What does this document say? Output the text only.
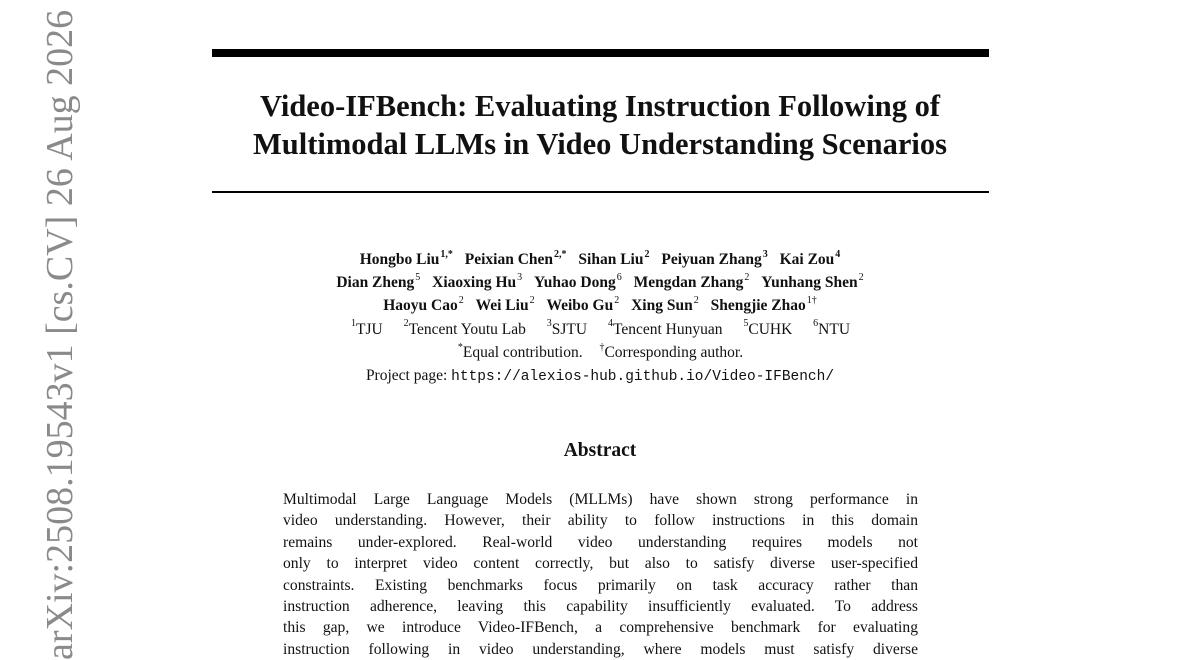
Video-IFBench: Evaluating Instruction Following of
Multimodal LLMs in Video Understanding Scenarios
Hongbo Liu$^{1,*}$ Peixian Chen$^{2,*}$ Sihan Liu$^2$ Peiyuan Zhang$^3$ Kai Zou$^4$
Dian Zheng$^5$ Xiaoxing Hu$^3$ Yuhao Dong$^6$ Mengdan Zhang$^2$ Yunhang Shen$^2$
Haoyu Cao$^2$ Wei Liu$^2$ Weibo Gu$^2$ Xing Sun$^2$ Shengjie Zhao$^{1\dagger}$
$^1$TJU $^2$Tencent Youtu Lab $^3$SJTU $^4$Tencent Hunyuan $^5$CUHK $^6$NTU
*Equal contribution. †Corresponding author.
Project page: https://alexios-hub.github.io/Video-IFBench/
Abstract
Multimodal Large Language Models (MLLMs) have shown strong performance in
video understanding. However, their ability to follow instructions in this domain
remains under-explored. Real-world video understanding requires models not
only to interpret video content correctly, but also to satisfy diverse user-specified
constraints. Existing benchmarks focus primarily on task accuracy rather than
instruction adherence, leaving this capability insufficiently evaluated. To address
this gap, we introduce Video-IFBench, a comprehensive benchmark for evaluating
instruction following in video understanding, where models must satisfy diverse
arXiv:2508.19543v1 [cs.CV] 26 Aug 2026
